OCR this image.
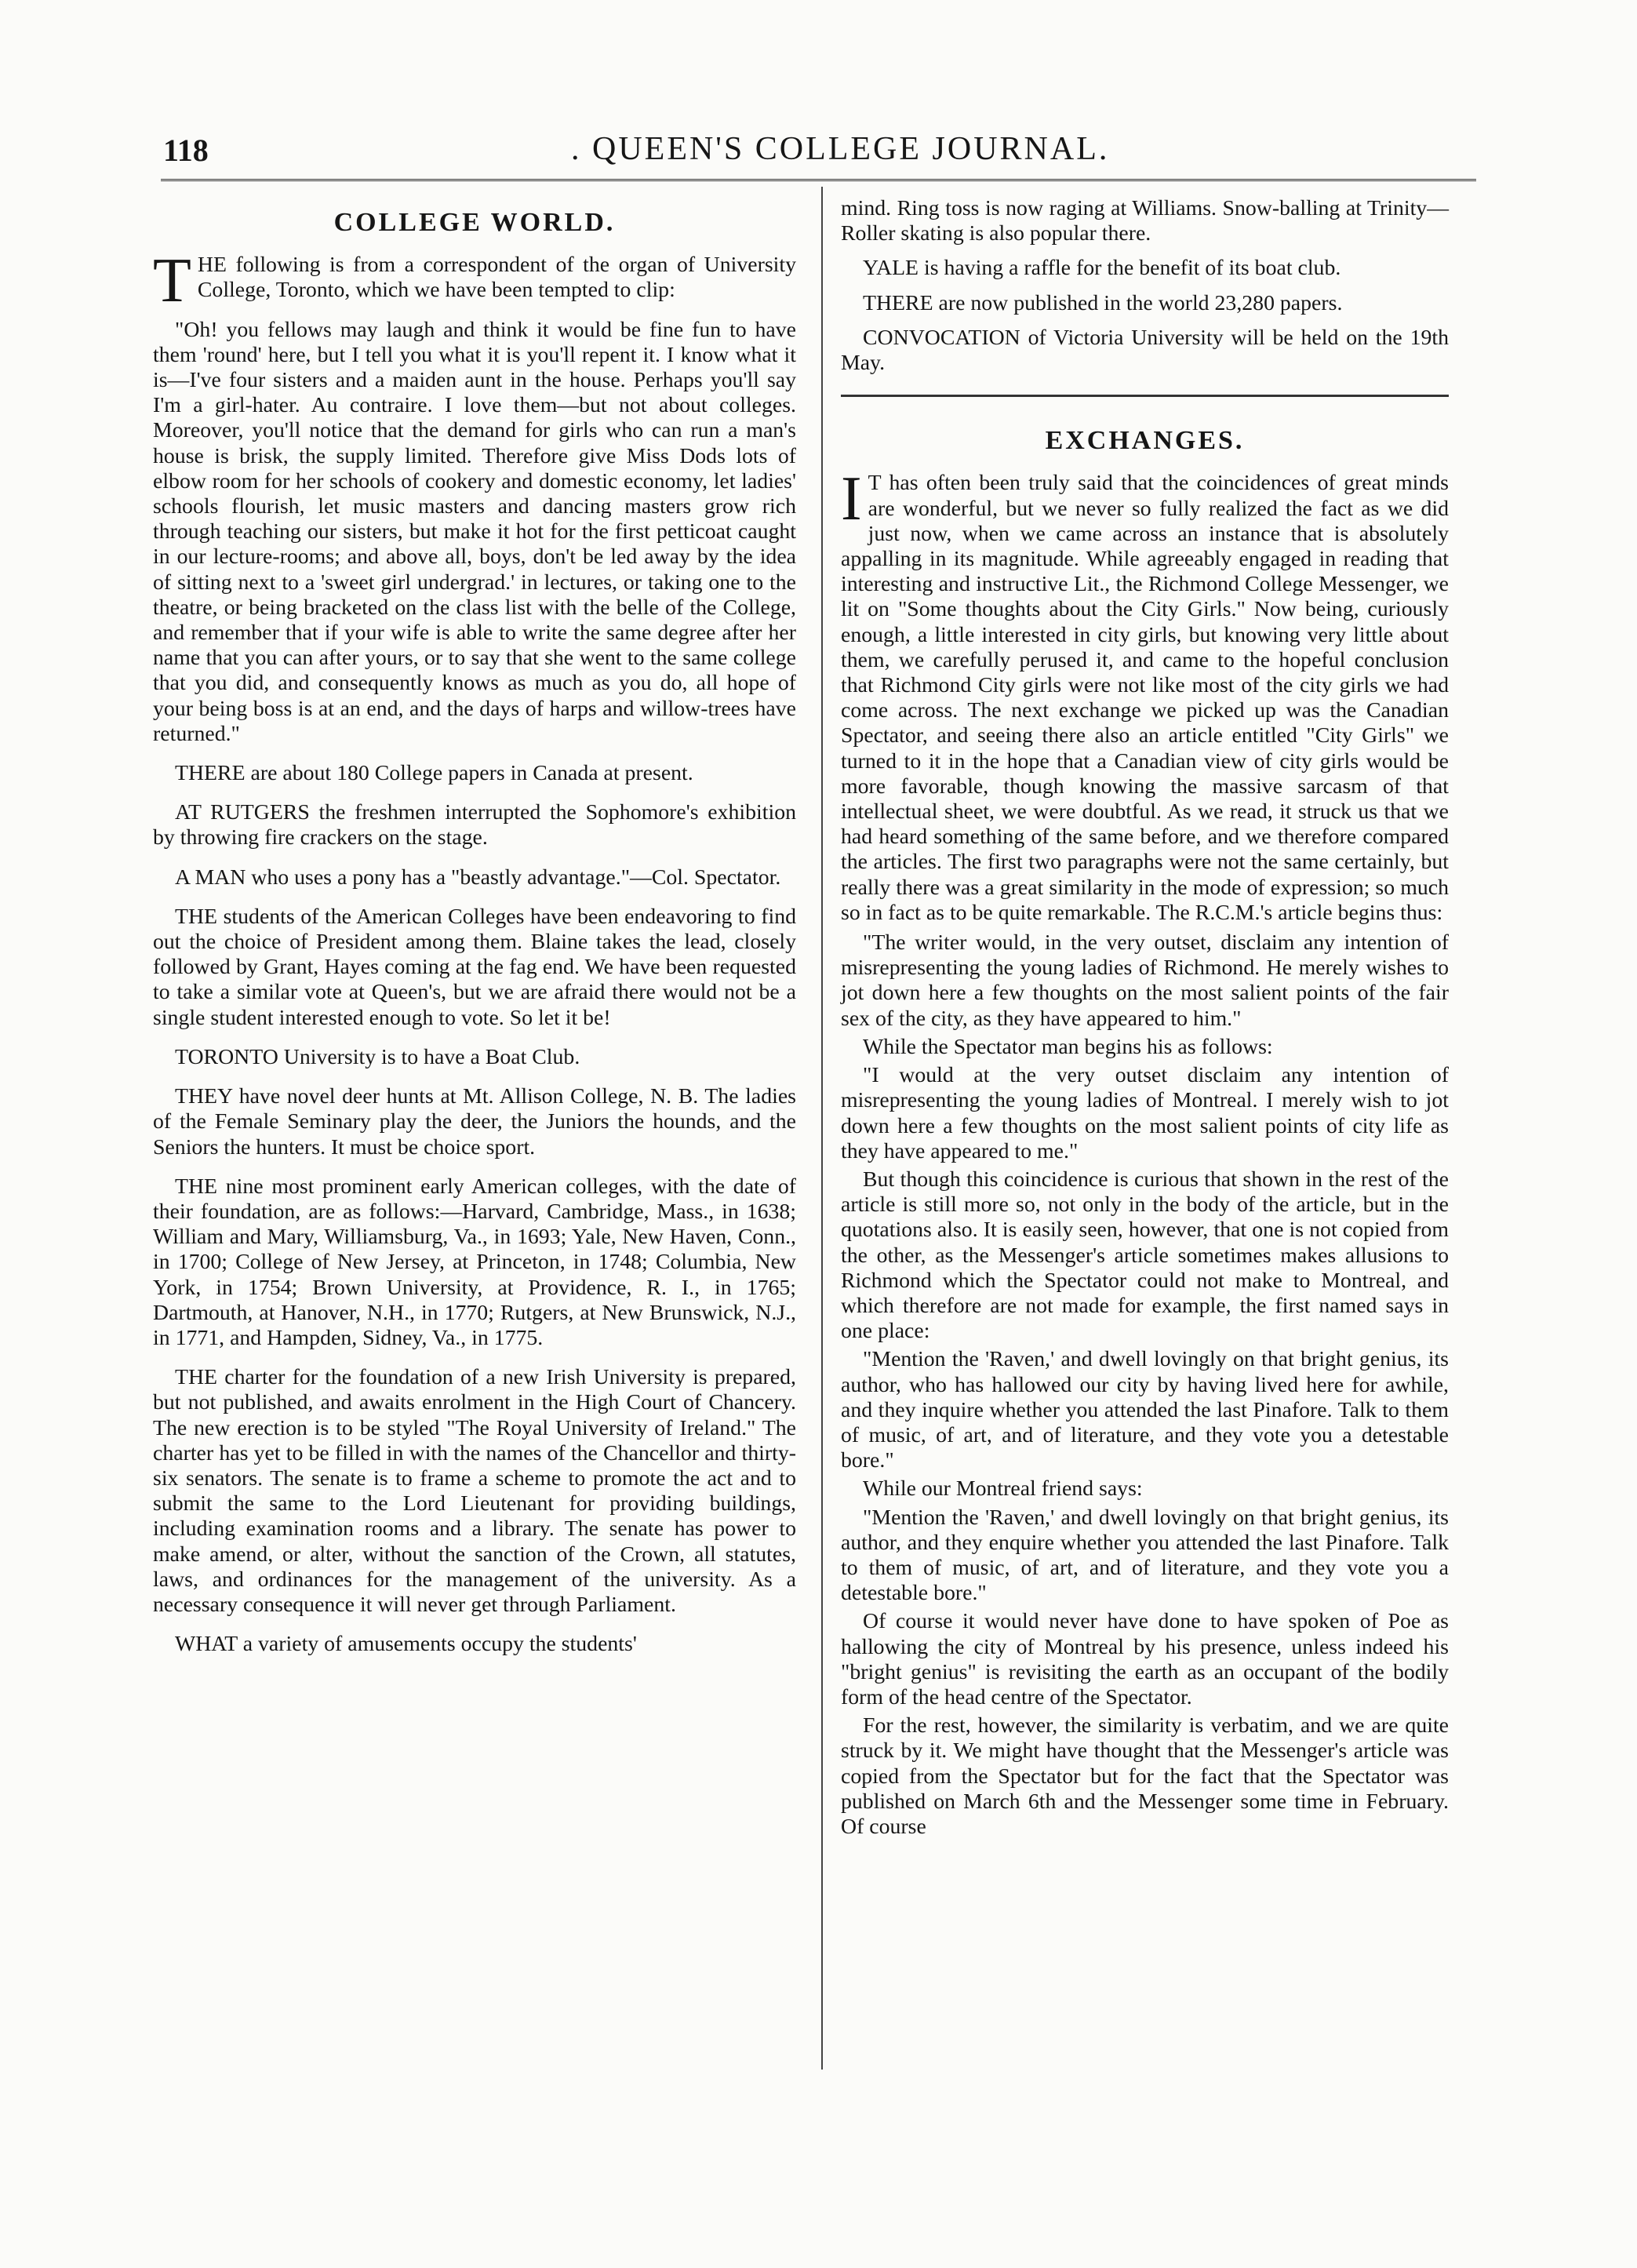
118	. QUEEN'S COLLEGE JOURNAL.
COLLEGE WORLD.

THE following is from a correspondent of the organ of University College, Toronto, which we have been tempted to clip:

"Oh! you fellows may laugh and think it would be fine fun to have them 'round' here, but I tell you what it is you'll repent it. I know what it is—I've four sisters and a maiden aunt in the house. Perhaps you'll say I'm a girl-hater. Au contraire. I love them—but not about colleges. Moreover, you'll notice that the demand for girls who can run a man's house is brisk, the supply limited. Therefore give Miss Dods lots of elbow room for her schools of cookery and domestic economy, let ladies' schools flourish, let music masters and dancing masters grow rich through teaching our sisters, but make it hot for the first petticoat caught in our lecture-rooms; and above all, boys, don't be led away by the idea of sitting next to a 'sweet girl undergrad.' in lectures, or taking one to the theatre, or being bracketed on the class list with the belle of the College, and remember that if your wife is able to write the same degree after her name that you can after yours, or to say that she went to the same college that you did, and consequently knows as much as you do, all hope of your being boss is at an end, and the days of harps and willow-trees have returned."

THERE are about 180 College papers in Canada at present.

AT RUTGERS the freshmen interrupted the Sophomore's exhibition by throwing fire crackers on the stage.

A MAN who uses a pony has a "beastly advantage."—Col. Spectator.

THE students of the American Colleges have been endeavoring to find out the choice of President among them. Blaine takes the lead, closely followed by Grant, Hayes coming at the fag end. We have been requested to take a similar vote at Queen's, but we are afraid there would not be a single student interested enough to vote. So let it be!

TORONTO University is to have a Boat Club.

THEY have novel deer hunts at Mt. Allison College, N. B. The ladies of the Female Seminary play the deer, the Juniors the hounds, and the Seniors the hunters. It must be choice sport.

THE nine most prominent early American colleges, with the date of their foundation, are as follows:—Harvard, Cambridge, Mass., in 1638; William and Mary, Williamsburg, Va., in 1693; Yale, New Haven, Conn., in 1700; College of New Jersey, at Princeton, in 1748; Columbia, New York, in 1754; Brown University, at Providence, R. I., in 1765; Dartmouth, at Hanover, N.H., in 1770; Rutgers, at New Brunswick, N.J., in 1771, and Hampden, Sidney, Va., in 1775.

THE charter for the foundation of a new Irish University is prepared, but not published, and awaits enrolment in the High Court of Chancery. The new erection is to be styled "The Royal University of Ireland." The charter has yet to be filled in with the names of the Chancellor and thirty-six senators. The senate is to frame a scheme to promote the act and to submit the same to the Lord Lieutenant for providing buildings, including examination rooms and a library. The senate has power to make amend, or alter, without the sanction of the Crown, all statutes, laws, and ordinances for the management of the university. As a necessary consequence it will never get through Parliament.

WHAT a variety of amusements occupy the students'

mind. Ring toss is now raging at Williams. Snow-balling at Trinity—Roller skating is also popular there.

YALE is having a raffle for the benefit of its boat club.

THERE are now published in the world 23,280 papers.

CONVOCATION of Victoria University will be held on the 19th May.

EXCHANGES.

IT has often been truly said that the coincidences of great minds are wonderful, but we never so fully realized the fact as we did just now, when we came across an instance that is absolutely appalling in its magnitude. While agreeably engaged in reading that interesting and instructive Lit., the Richmond College Messenger, we lit on "Some thoughts about the City Girls." Now being, curiously enough, a little interested in city girls, but knowing very little about them, we carefully perused it, and came to the hopeful conclusion that Richmond City girls were not like most of the city girls we had come across. The next exchange we picked up was the Canadian Spectator, and seeing there also an article entitled "City Girls" we turned to it in the hope that a Canadian view of city girls would be more favorable, though knowing the massive sarcasm of that intellectual sheet, we were doubtful. As we read, it struck us that we had heard something of the same before, and we therefore compared the articles. The first two paragraphs were not the same certainly, but really there was a great similarity in the mode of expression; so much so in fact as to be quite remarkable. The R.C.M.'s article begins thus:

"The writer would, in the very outset, disclaim any intention of misrepresenting the young ladies of Richmond. He merely wishes to jot down here a few thoughts on the most salient points of the fair sex of the city, as they have appeared to him."

While the Spectator man begins his as follows:

"I would at the very outset disclaim any intention of misrepresenting the young ladies of Montreal. I merely wish to jot down here a few thoughts on the most salient points of city life as they have appeared to me."

But though this coincidence is curious that shown in the rest of the article is still more so, not only in the body of the article, but in the quotations also. It is easily seen, however, that one is not copied from the other, as the Messenger's article sometimes makes allusions to Richmond which the Spectator could not make to Montreal, and which therefore are not made for example, the first named says in one place:

"Mention the 'Raven,' and dwell lovingly on that bright genius, its author, who has hallowed our city by having lived here for awhile, and they inquire whether you attended the last Pinafore. Talk to them of music, of art, and of literature, and they vote you a detestable bore."

While our Montreal friend says:

"Mention the 'Raven,' and dwell lovingly on that bright genius, its author, and they enquire whether you attended the last Pinafore. Talk to them of music, of art, and of literature, and they vote you a detestable bore."

Of course it would never have done to have spoken of Poe as hallowing the city of Montreal by his presence, unless indeed his "bright genius" is revisiting the earth as an occupant of the bodily form of the head centre of the Spectator.

For the rest, however, the similarity is verbatim, and we are quite struck by it. We might have thought that the Messenger's article was copied from the Spectator but for the fact that the Spectator was published on March 6th and the Messenger some time in February. Of course
